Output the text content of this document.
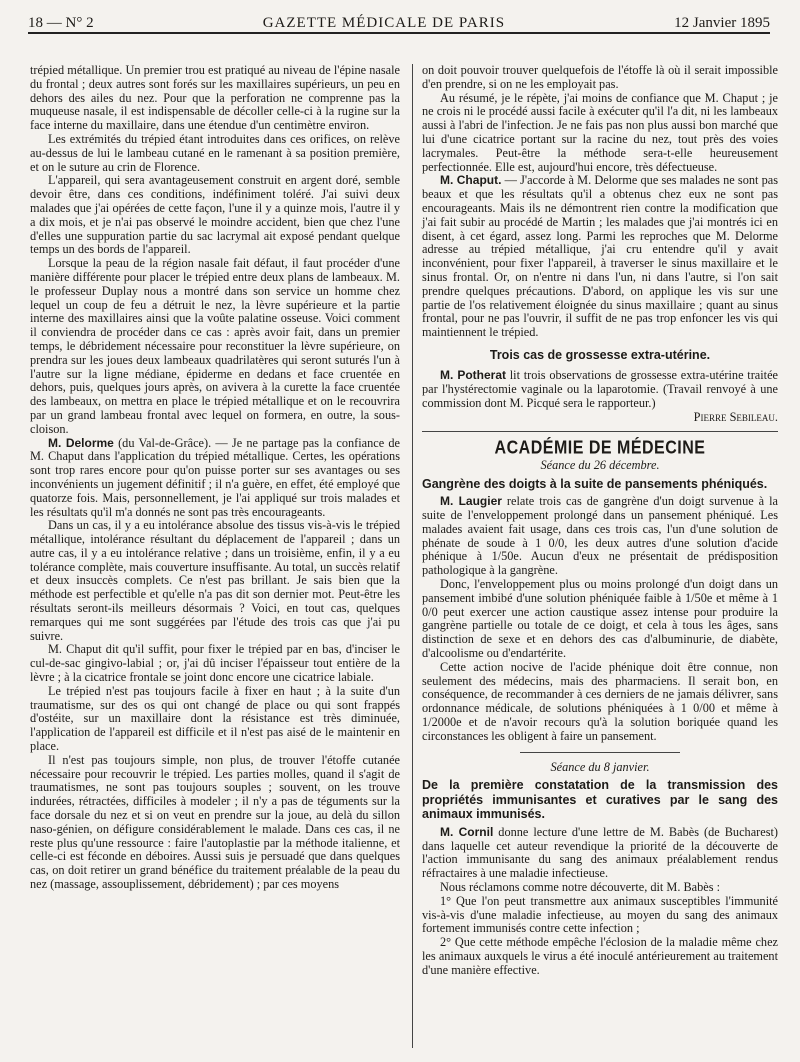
18 — N° 2	GAZETTE MÉDICALE DE PARIS	12 Janvier 1895

trépied métallique. Un premier trou est pratiqué au niveau de l'épine nasale du frontal ; deux autres sont forés sur les maxillaires supérieurs, un peu en dehors des ailes du nez. Pour que la perforation ne comprenne pas la muqueuse nasale, il est indispensable de décoller celle-ci à la rugine sur la face interne du maxillaire, dans une étendue d'un centimètre environ.

Les extrémités du trépied étant introduites dans ces orifices, on relève au-dessus de lui le lambeau cutané en le ramenant à sa position première, et on le suture au crin de Florence.

L'appareil, qui sera avantageusement construit en argent doré, semble devoir être, dans ces conditions, indéfiniment toléré. J'ai suivi deux malades que j'ai opérées de cette façon, l'une il y a quinze mois, l'autre il y a dix mois, et je n'ai pas observé le moindre accident, bien que chez l'une d'elles une suppuration partie du sac lacrymal ait exposé pendant quelque temps un des bords de l'appareil.

Lorsque la peau de la région nasale fait défaut, il faut procéder d'une manière différente pour placer le trépied entre deux plans de lambeaux. M. le professeur Duplay nous a montré dans son service un homme chez lequel un coup de feu a détruit le nez, la lèvre supérieure et la partie interne des maxillaires ainsi que la voûte palatine osseuse. Voici comment il conviendra de procéder dans ce cas : après avoir fait, dans un premier temps, le débridement nécessaire pour reconstituer la lèvre supérieure, on prendra sur les joues deux lambeaux quadrilatères qui seront suturés l'un à l'autre sur la ligne médiane, épiderme en dedans et face cruentée en dehors, puis, quelques jours après, on avivera à la curette la face cruentée des lambeaux, on mettra en place le trépied métallique et on le recouvrira par un grand lambeau frontal avec lequel on formera, en outre, la sous-cloison.

M. Delorme (du Val-de-Grâce). — Je ne partage pas la confiance de M. Chaput dans l'application du trépied métallique. Certes, les opérations sont trop rares encore pour qu'on puisse porter sur ses avantages ou ses inconvénients un jugement définitif ; il n'a guère, en effet, été employé que quatorze fois. Mais, personnellement, je l'ai appliqué sur trois malades et les résultats qu'il m'a donnés ne sont pas très encourageants.

Dans un cas, il y a eu intolérance absolue des tissus vis-à-vis le trépied métallique, intolérance résultant du déplacement de l'appareil ; dans un autre cas, il y a eu intolérance relative ; dans un troisième, enfin, il y a eu tolérance complète, mais couverture insuffisante. Au total, un succès relatif et deux insuccès complets. Ce n'est pas brillant. Je sais bien que la méthode est perfectible et qu'elle n'a pas dit son dernier mot. Peut-être les résultats seront-ils meilleurs désormais ? Voici, en tout cas, quelques remarques qui me sont suggérées par l'étude des trois cas que j'ai pu suivre.

M. Chaput dit qu'il suffit, pour fixer le trépied par en bas, d'inciser le cul-de-sac gingivo-labial ; or, j'ai dû inciser l'épaisseur tout entière de la lèvre ; à la cicatrice frontale se joint donc encore une cicatrice labiale.

Le trépied n'est pas toujours facile à fixer en haut ; à la suite d'un traumatisme, sur des os qui ont changé de place ou qui sont frappés d'ostéite, sur un maxillaire dont la résistance est très diminuée, l'application de l'appareil est difficile et il n'est pas aisé de le maintenir en place.

Il n'est pas toujours simple, non plus, de trouver l'étoffe cutanée nécessaire pour recouvrir le trépied. Les parties molles, quand il s'agit de traumatismes, ne sont pas toujours souples ; souvent, on les trouve indurées, rétractées, difficiles à modeler ; il n'y a pas de téguments sur la face dorsale du nez et si on veut en prendre sur la joue, au delà du sillon naso-génien, on défigure considérablement le malade. Dans ces cas, il ne reste plus qu'une ressource : faire l'autoplastie par la méthode italienne, et celle-ci est féconde en déboires. Aussi suis je persuadé que dans quelques cas, on doit retirer un grand bénéfice du traitement préalable de la peau du nez (massage, assouplissement, débridement) ; par ces moyens

on doit pouvoir trouver quelquefois de l'étoffe là où il serait impossible d'en prendre, si on ne les employait pas.

Au résumé, je le répète, j'ai moins de confiance que M. Chaput ; je ne crois ni le procédé aussi facile à exécuter qu'il l'a dit, ni les lambeaux aussi à l'abri de l'infection. Je ne fais pas non plus aussi bon marché que lui d'une cicatrice portant sur la racine du nez, tout près des voies lacrymales. Peut-être la méthode sera-t-elle heureusement perfectionnée. Elle est, aujourd'hui encore, très défectueuse.

M. Chaput. — J'accorde à M. Delorme que ses malades ne sont pas beaux et que les résultats qu'il a obtenus chez eux ne sont pas encourageants. Mais ils ne démontrent rien contre la modification que j'ai fait subir au procédé de Martin ; les malades que j'ai montrés ici en disent, à cet égard, assez long. Parmi les reproches que M. Delorme adresse au trépied métallique, j'ai cru entendre qu'il y avait inconvénient, pour fixer l'appareil, à traverser le sinus maxillaire et le sinus frontal. Or, on n'entre ni dans l'un, ni dans l'autre, si l'on sait prendre quelques précautions. D'abord, on applique les vis sur une partie de l'os relativement éloignée du sinus maxillaire ; quant au sinus frontal, pour ne pas l'ouvrir, il suffit de ne pas trop enfoncer les vis qui maintiennent le trépied.

Trois cas de grossesse extra-utérine.

M. Potherat lit trois observations de grossesse extra-utérine traitée par l'hystérectomie vaginale ou la laparotomie. (Travail renvoyé à une commission dont M. Picqué sera le rapporteur.)

Pierre Sebileau.
ACADÉMIE DE MÉDECINE
Séance du 26 décembre.
Gangrène des doigts à la suite de pansements phéniqués.

M. Laugier relate trois cas de gangrène d'un doigt survenue à la suite de l'enveloppement prolongé dans un pansement phéniqué. Les malades avaient fait usage, dans ces trois cas, l'un d'une solution de phénate de soude à 1 0/0, les deux autres d'une solution d'acide phénique à 1/50e. Aucun d'eux ne présentait de prédisposition pathologique à la gangrène.

Donc, l'enveloppement plus ou moins prolongé d'un doigt dans un pansement imbibé d'une solution phéniquée faible à 1/50e et même à 1 0/0 peut exercer une action caustique assez intense pour produire la gangrène partielle ou totale de ce doigt, et cela à tous les âges, sans distinction de sexe et en dehors des cas d'albuminurie, de diabète, d'alcoolisme ou d'endartérite.

Cette action nocive de l'acide phénique doit être connue, non seulement des médecins, mais des pharmaciens. Il serait bon, en conséquence, de recommander à ces derniers de ne jamais délivrer, sans ordonnance médicale, de solutions phéniquées à 1 0/00 et même à 1/2000e et de n'avoir recours qu'à la solution boriquée quand les circonstances les obligent à faire un pansement.

Séance du 8 janvier.
De la première constatation de la transmission des propriétés immunisantes et curatives par le sang des animaux immunisés.

M. Cornil donne lecture d'une lettre de M. Babès (de Bucharest) dans laquelle cet auteur revendique la priorité de la découverte de l'action immunisante du sang des animaux préalablement rendus réfractaires à une maladie infectieuse.

Nous réclamons comme notre découverte, dit M. Babès :

1° Que l'on peut transmettre aux animaux susceptibles l'immunité vis-à-vis d'une maladie infectieuse, au moyen du sang des animaux fortement immunisés contre cette infection ;

2° Que cette méthode empêche l'éclosion de la maladie même chez les animaux auxquels le virus a été inoculé antérieurement au traitement d'une manière effective.
